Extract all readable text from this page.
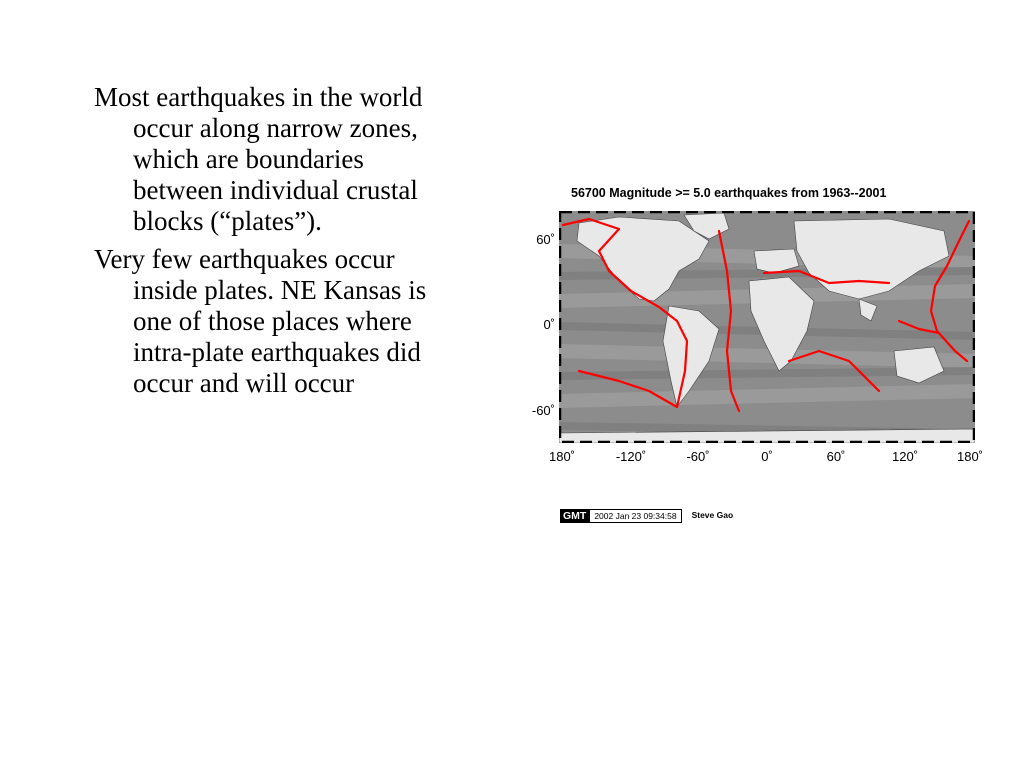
Most earthquakes in the world occur along narrow zones, which are boundaries between individual crustal blocks (“plates”).
Very few earthquakes occur inside plates. NE Kansas is one of those places where intra-plate earthquakes did occur and will occur
56700 Magnitude >= 5.0 earthquakes from 1963--2001
60˚
0˚
-60˚
180˚	-120˚	-60˚	0˚	60˚	120˚	180˚
GMT 2002 Jan 23 09:34:58	Steve Gao
